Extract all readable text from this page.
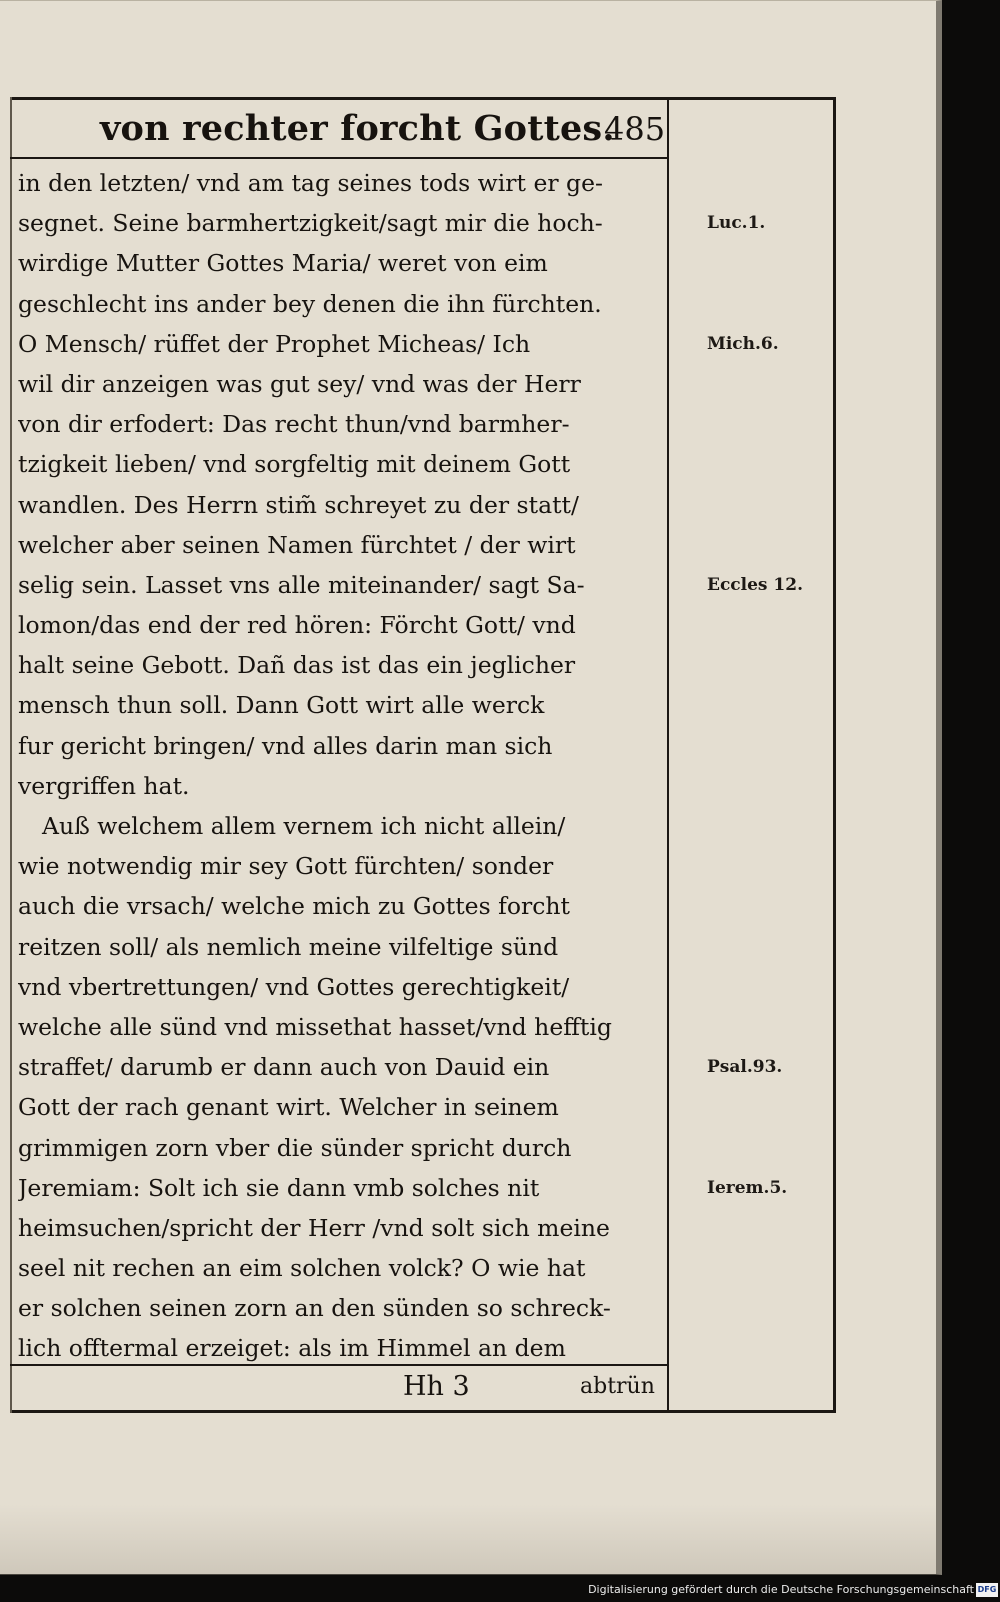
von rechter forcht Gottes.
485
in den letzten/ vnd am tag seines tods wirt er ge-
segnet. Seine barmhertzigkeit/sagt mir die hoch-
wirdige Mutter Gottes Maria/ weret von eim
geschlecht ins ander bey denen die ihn fürchten.
O Mensch/ rüffet der Prophet Micheas/ Ich
wil dir anzeigen was gut sey/ vnd was der Herr
von dir erfodert: Das recht thun/vnd barmher-
tzigkeit lieben/ vnd sorgfeltig mit deinem Gott
wandlen. Des Herrn stim̃ schreyet zu der statt/
welcher aber seinen Namen fürchtet / der wirt
selig sein. Lasset vns alle miteinander/ sagt Sa-
lomon/das end der red hören: Förcht Gott/ vnd
halt seine Gebott. Dañ das ist das ein jeglicher
mensch thun soll. Dann Gott wirt alle werck
fur gericht bringen/ vnd alles darin man sich
vergriffen hat.
Auß welchem allem vernem ich nicht allein/
wie notwendig mir sey Gott fürchten/ sonder
auch die vrsach/ welche mich zu Gottes forcht
reitzen soll/ als nemlich meine vilfeltige sünd
vnd vbertrettungen/ vnd Gottes gerechtigkeit/
welche alle sünd vnd missethat hasset/vnd hefftig
straffet/ darumb er dann auch von Dauid ein
Gott der rach genant wirt. Welcher in seinem
grimmigen zorn vber die sünder spricht durch
Jeremiam: Solt ich sie dann vmb solches nit
heimsuchen/spricht der Herr /vnd solt sich meine
seel nit rechen an eim solchen volck? O wie hat
er solchen seinen zorn an den sünden so schreck-
lich offtermal erzeiget: als im Himmel an dem
Luc.1.
Mich.6.
Eccles 12.
Psal.93.
Ierem.5.
Hh 3	abtrün
Digitalisierung gefördert durch die Deutsche Forschungsgemeinschaft DFG
